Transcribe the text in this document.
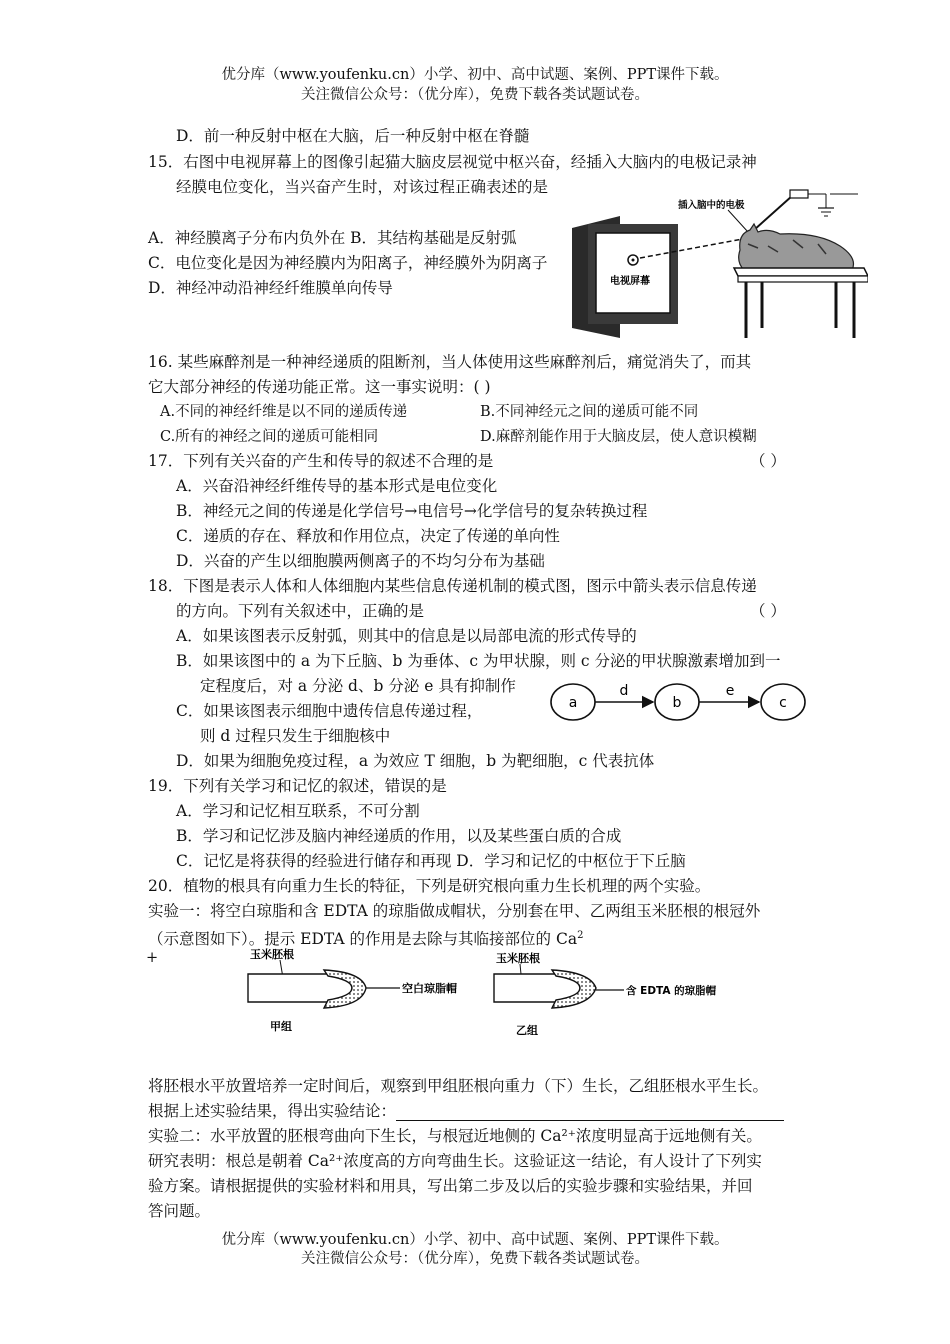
优分库（www.youfenku.cn）小学、初中、高中试题、案例、PPT课件下载。
关注微信公众号：（优分库），免费下载各类试题试卷。
D．前一种反射中枢在大脑，后一种反射中枢在脊髓
15．右图中电视屏幕上的图像引起猫大脑皮层视觉中枢兴奋，经插入大脑内的电极记录神
经膜电位变化，当兴奋产生时，对该过程正确表述的是
A．神经膜离子分布内负外在 B．其结构基础是反射弧
C．电位变化是因为神经膜内为阳离子，神经膜外为阴离子
D．神经冲动沿神经纤维膜单向传导	电视屏幕
插入脑中的电极
16. 某些麻醉剂是一种神经递质的阻断剂，当人体使用这些麻醉剂后，痛觉消失了，而其
它大部分神经的传递功能正常。这一事实说明：( )
A.不同的神经纤维是以不同的递质传递	B.不同神经元之间的递质可能不同
C.所有的神经之间的递质可能相同	D.麻醉剂能作用于大脑皮层，使人意识模糊
17．下列有关兴奋的产生和传导的叙述不合理的是	（ ）
A．兴奋沿神经纤维传导的基本形式是电位变化
B．神经元之间的传递是化学信号→电信号→化学信号的复杂转换过程
C．递质的存在、释放和作用位点，决定了传递的单向性
D．兴奋的产生以细胞膜两侧离子的不均匀分布为基础
18．下图是表示人体和人体细胞内某些信息传递机制的模式图，图示中箭头表示信息传递
的方向。下列有关叙述中，正确的是	（ ）
A．如果该图表示反射弧，则其中的信息是以局部电流的形式传导的
B．如果该图中的 a 为下丘脑、b 为垂体、c 为甲状腺，则 c 分泌的甲状腺激素增加到一
定程度后，对 a 分泌 d、b 分泌 e 具有抑制作
C．如果该图表示细胞中遗传信息传递过程，
则 d 过程只发生于细胞核中
D．如果为细胞免疫过程，a 为效应 T 细胞，b 为靶细胞，c 代表抗体
a
d
b
e
c
19．下列有关学习和记忆的叙述，错误的是
A．学习和记忆相互联系，不可分割
B．学习和记忆涉及脑内神经递质的作用，以及某些蛋白质的合成
C．记忆是将获得的经验进行储存和再现 D．学习和记忆的中枢位于下丘脑
20．植物的根具有向重力生长的特征，下列是研究根向重力生长机理的两个实验。
实验一：将空白琼脂和含 EDTA 的琼脂做成帽状，分别套在甲、乙两组玉米胚根的根冠外
（示意图如下）。提示 EDTA 的作用是去除与其临接部位的 $Ca^2$
+	玉米胚根
空白琼脂帽
甲组
玉米胚根
含 EDTA 的琼脂帽
乙组
将胚根水平放置培养一定时间后，观察到甲组胚根向重力（下）生长，乙组胚根水平生长。
根据上述实验结果，得出实验结论：
实验二：水平放置的胚根弯曲向下生长，与根冠近地侧的 Ca²⁺浓度明显高于远地侧有关。
研究表明：根总是朝着 Ca²⁺浓度高的方向弯曲生长。这验证这一结论，有人设计了下列实
验方案。请根据提供的实验材料和用具，写出第二步及以后的实验步骤和实验结果，并回
答问题。
优分库（www.youfenku.cn）小学、初中、高中试题、案例、PPT课件下载。
关注微信公众号：（优分库），免费下载各类试题试卷。
